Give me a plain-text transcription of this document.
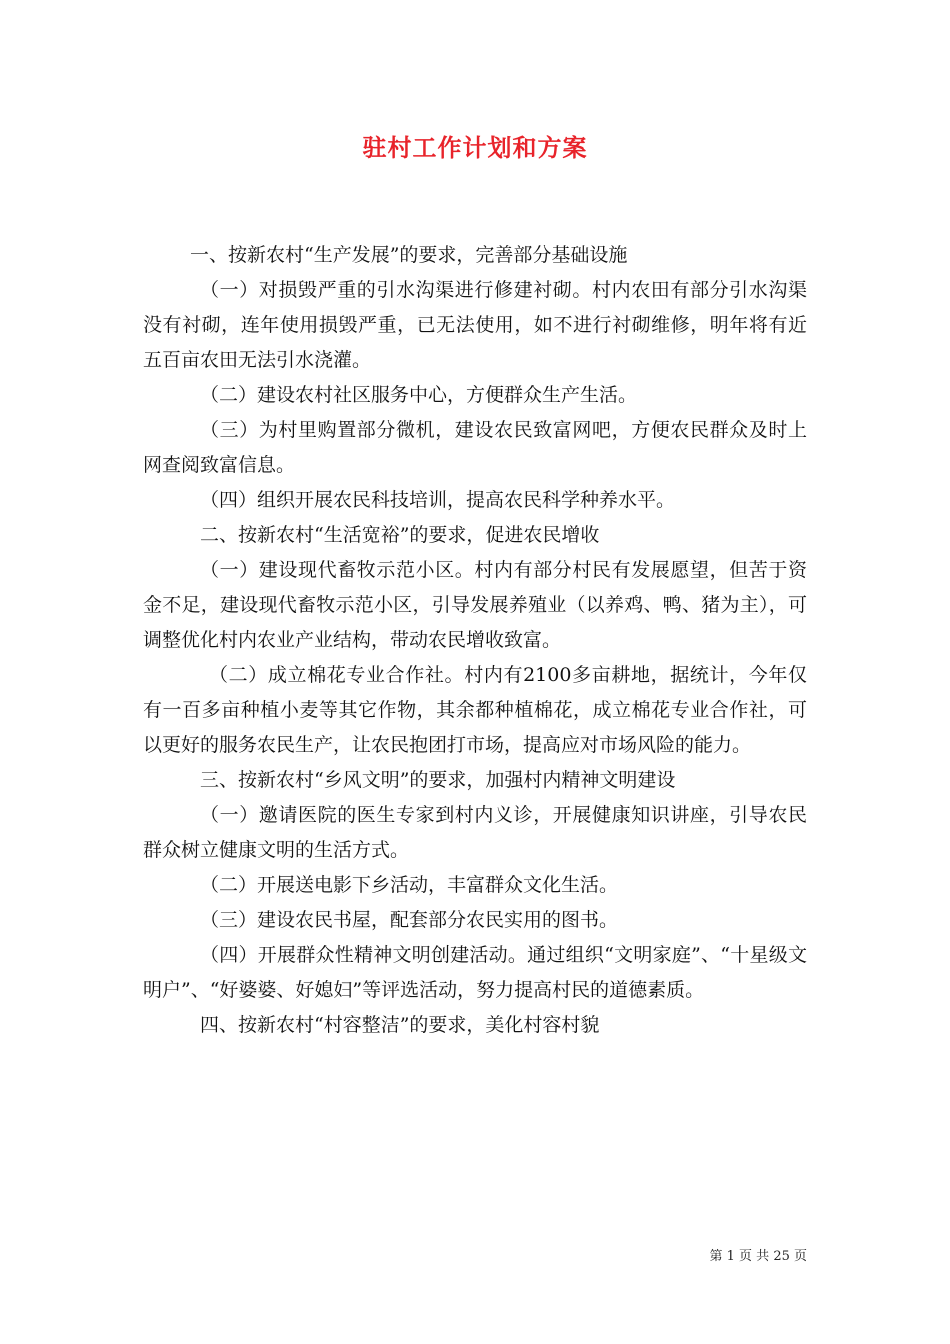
驻村工作计划和方案

一、按新农村“生产发展”的要求，完善部分基础设施

（一）对损毁严重的引水沟渠进行修建衬砌。村内农田有部分引水沟渠没有衬砌，连年使用损毁严重，已无法使用，如不进行衬砌维修，明年将有近五百亩农田无法引水浇灌。

（二）建设农村社区服务中心，方便群众生产生活。

（三）为村里购置部分微机，建设农民致富网吧，方便农民群众及时上网查阅致富信息。

（四）组织开展农民科技培训，提高农民科学种养水平。

二、按新农村“生活宽裕”的要求，促进农民增收

（一）建设现代畜牧示范小区。村内有部分村民有发展愿望，但苦于资金不足，建设现代畜牧示范小区，引导发展养殖业（以养鸡、鸭、猪为主），可调整优化村内农业产业结构，带动农民增收致富。

（二）成立棉花专业合作社。村内有2100多亩耕地，据统计，今年仅有一百多亩种植小麦等其它作物，其余都种植棉花，成立棉花专业合作社，可以更好的服务农民生产，让农民抱团打市场，提高应对市场风险的能力。

三、按新农村“乡风文明”的要求，加强村内精神文明建设

（一）邀请医院的医生专家到村内义诊，开展健康知识讲座，引导农民群众树立健康文明的生活方式。

（二）开展送电影下乡活动，丰富群众文化生活。

（三）建设农民书屋，配套部分农民实用的图书。

（四）开展群众性精神文明创建活动。通过组织“文明家庭”、“十星级文明户”、“好婆婆、好媳妇”等评选活动，努力提高村民的道德素质。

四、按新农村“村容整洁”的要求，美化村容村貌

第 1 页 共 25 页
